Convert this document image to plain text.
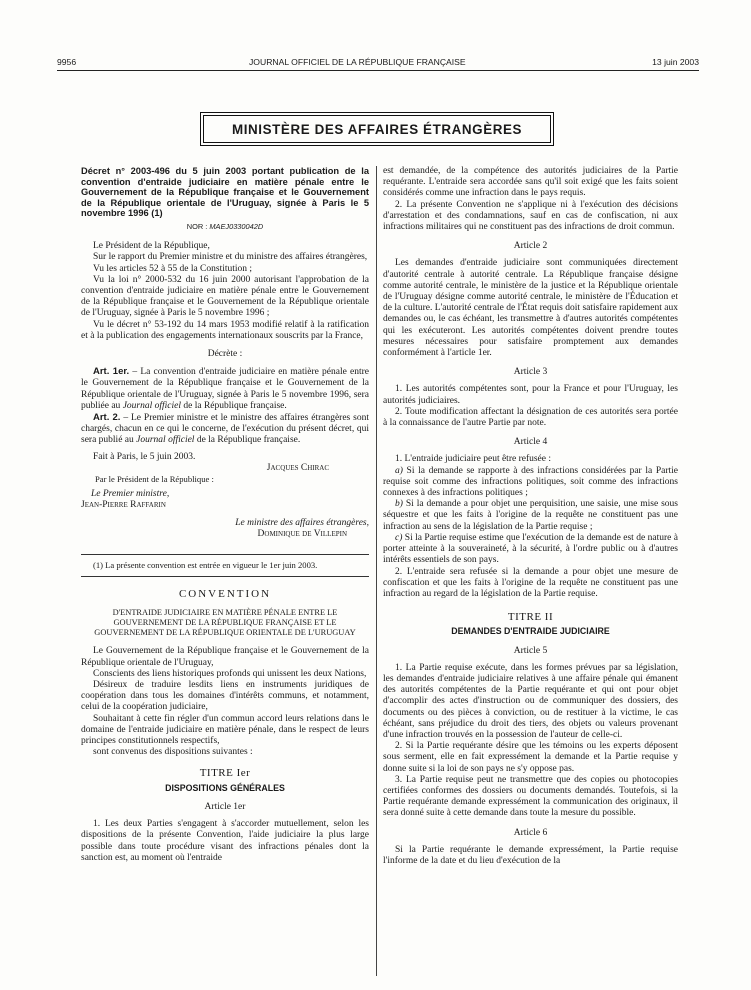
9956	JOURNAL OFFICIEL DE LA RÉPUBLIQUE FRANÇAISE	13 juin 2003
MINISTÈRE DES AFFAIRES ÉTRANGÈRES
Décret n° 2003-496 du 5 juin 2003 portant publication de la convention d'entraide judiciaire en matière pénale entre le Gouvernement de la République française et le Gouvernement de la République orientale de l'Uruguay, signée à Paris le 5 novembre 1996 (1)

NOR : MAEJ0330042D

Le Président de la République,

Sur le rapport du Premier ministre et du ministre des affaires étrangères,

Vu les articles 52 à 55 de la Constitution ;

Vu la loi n° 2000-532 du 16 juin 2000 autorisant l'approbation de la convention d'entraide judiciaire en matière pénale entre le Gouvernement de la République française et le Gouvernement de la République orientale de l'Uruguay, signée à Paris le 5 novembre 1996 ;

Vu le décret n° 53-192 du 14 mars 1953 modifié relatif à la ratification et à la publication des engagements internationaux souscrits par la France,

Décrète :

Art. 1er. – La convention d'entraide judiciaire en matière pénale entre le Gouvernement de la République française et le Gouvernement de la République orientale de l'Uruguay, signée à Paris le 5 novembre 1996, sera publiée au Journal officiel de la République française.

Art. 2. – Le Premier ministre et le ministre des affaires étrangères sont chargés, chacun en ce qui le concerne, de l'exécution du présent décret, qui sera publié au Journal officiel de la République française.

Fait à Paris, le 5 juin 2003.

Jacques Chirac

Par le Président de la République :

Le Premier ministre,

Jean-Pierre Raffarin

Le ministre des affaires étrangères,

Dominique de Villepin

(1) La présente convention est entrée en vigueur le 1er juin 2003.

CONVENTION

D'ENTRAIDE JUDICIAIRE EN MATIÈRE PÉNALE ENTRE LE GOUVERNEMENT DE LA RÉPUBLIQUE FRANÇAISE ET LE GOUVERNEMENT DE LA RÉPUBLIQUE ORIENTALE DE L'URUGUAY

Le Gouvernement de la République française et le Gouvernement de la République orientale de l'Uruguay,

Conscients des liens historiques profonds qui unissent les deux Nations,

Désireux de traduire lesdits liens en instruments juridiques de coopération dans tous les domaines d'intérêts communs, et notamment, celui de la coopération judiciaire,

Souhaitant à cette fin régler d'un commun accord leurs relations dans le domaine de l'entraide judiciaire en matière pénale, dans le respect de leurs principes constitutionnels respectifs,

sont convenus des dispositions suivantes :

TITRE Ier

DISPOSITIONS GÉNÉRALES

Article 1er

1. Les deux Parties s'engagent à s'accorder mutuellement, selon les dispositions de la présente Convention, l'aide judiciaire la plus large possible dans toute procédure visant des infractions pénales dont la sanction est, au moment où l'entraide

est demandée, de la compétence des autorités judiciaires de la Partie requérante. L'entraide sera accordée sans qu'il soit exigé que les faits soient considérés comme une infraction dans le pays requis.

2. La présente Convention ne s'applique ni à l'exécution des décisions d'arrestation et des condamnations, sauf en cas de confiscation, ni aux infractions militaires qui ne constituent pas des infractions de droit commun.

Article 2

Les demandes d'entraide judiciaire sont communiquées directement d'autorité centrale à autorité centrale. La République française désigne comme autorité centrale, le ministère de la justice et la République orientale de l'Uruguay désigne comme autorité centrale, le ministère de l'Éducation et de la culture. L'autorité centrale de l'État requis doit satisfaire rapidement aux demandes ou, le cas échéant, les transmettre à d'autres autorités compétentes qui les exécuteront. Les autorités compétentes doivent prendre toutes mesures nécessaires pour satisfaire promptement aux demandes conformément à l'article 1er.

Article 3

1. Les autorités compétentes sont, pour la France et pour l'Uruguay, les autorités judiciaires.

2. Toute modification affectant la désignation de ces autorités sera portée à la connaissance de l'autre Partie par note.

Article 4

1. L'entraide judiciaire peut être refusée :

a) Si la demande se rapporte à des infractions considérées par la Partie requise soit comme des infractions politiques, soit comme des infractions connexes à des infractions politiques ;

b) Si la demande a pour objet une perquisition, une saisie, une mise sous séquestre et que les faits à l'origine de la requête ne constituent pas une infraction au sens de la législation de la Partie requise ;

c) Si la Partie requise estime que l'exécution de la demande est de nature à porter atteinte à la souveraineté, à la sécurité, à l'ordre public ou à d'autres intérêts essentiels de son pays.

2. L'entraide sera refusée si la demande a pour objet une mesure de confiscation et que les faits à l'origine de la requête ne constituent pas une infraction au regard de la législation de la Partie requise.

TITRE II

DEMANDES D'ENTRAIDE JUDICIAIRE

Article 5

1. La Partie requise exécute, dans les formes prévues par sa législation, les demandes d'entraide judiciaire relatives à une affaire pénale qui émanent des autorités compétentes de la Partie requérante et qui ont pour objet d'accomplir des actes d'instruction ou de communiquer des dossiers, des documents ou des pièces à conviction, ou de restituer à la victime, le cas échéant, sans préjudice du droit des tiers, des objets ou valeurs provenant d'une infraction trouvés en la possession de l'auteur de celle-ci.

2. Si la Partie requérante désire que les témoins ou les experts déposent sous serment, elle en fait expressément la demande et la Partie requise y donne suite si la loi de son pays ne s'y oppose pas.

3. La Partie requise peut ne transmettre que des copies ou photocopies certifiées conformes des dossiers ou documents demandés. Toutefois, si la Partie requérante demande expressément la communication des originaux, il sera donné suite à cette demande dans toute la mesure du possible.

Article 6

Si la Partie requérante le demande expressément, la Partie requise l'informe de la date et du lieu d'exécution de la
